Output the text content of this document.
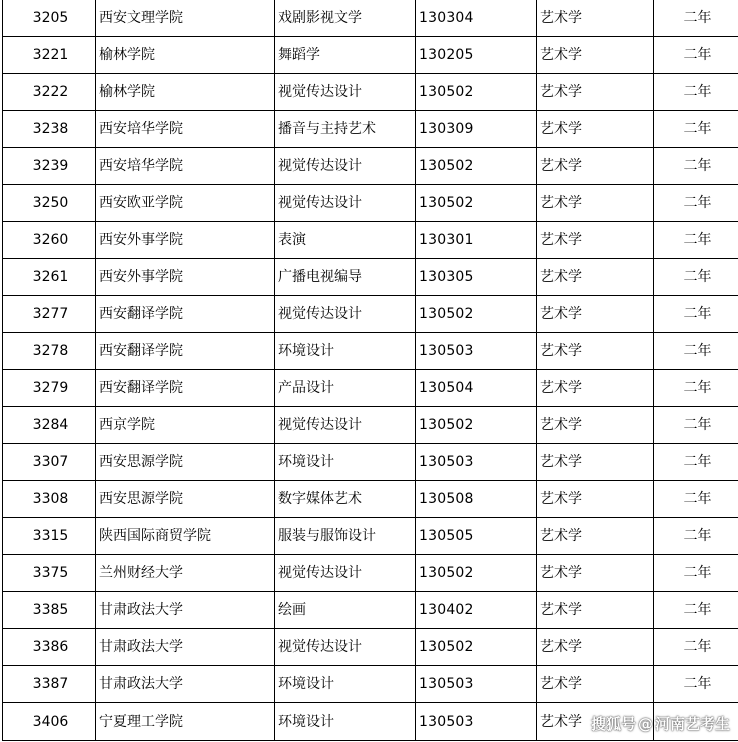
3205	西安文理学院	戏剧影视文学	130304	艺术学	二年
3221	榆林学院	舞蹈学	130205	艺术学	二年
3222	榆林学院	视觉传达设计	130502	艺术学	二年
3238	西安培华学院	播音与主持艺术	130309	艺术学	二年
3239	西安培华学院	视觉传达设计	130502	艺术学	二年
3250	西安欧亚学院	视觉传达设计	130502	艺术学	二年
3260	西安外事学院	表演	130301	艺术学	二年
3261	西安外事学院	广播电视编导	130305	艺术学	二年
3277	西安翻译学院	视觉传达设计	130502	艺术学	二年
3278	西安翻译学院	环境设计	130503	艺术学	二年
3279	西安翻译学院	产品设计	130504	艺术学	二年
3284	西京学院	视觉传达设计	130502	艺术学	二年
3307	西安思源学院	环境设计	130503	艺术学	二年
3308	西安思源学院	数字媒体艺术	130508	艺术学	二年
3315	陕西国际商贸学院	服装与服饰设计	130505	艺术学	二年
3375	兰州财经大学	视觉传达设计	130502	艺术学	二年
3385	甘肃政法大学	绘画	130402	艺术学	二年
3386	甘肃政法大学	视觉传达设计	130502	艺术学	二年
3387	甘肃政法大学	环境设计	130503	艺术学	二年
3406	宁夏理工学院	环境设计	130503	艺术学	搜狐号 @ 河南艺考生
